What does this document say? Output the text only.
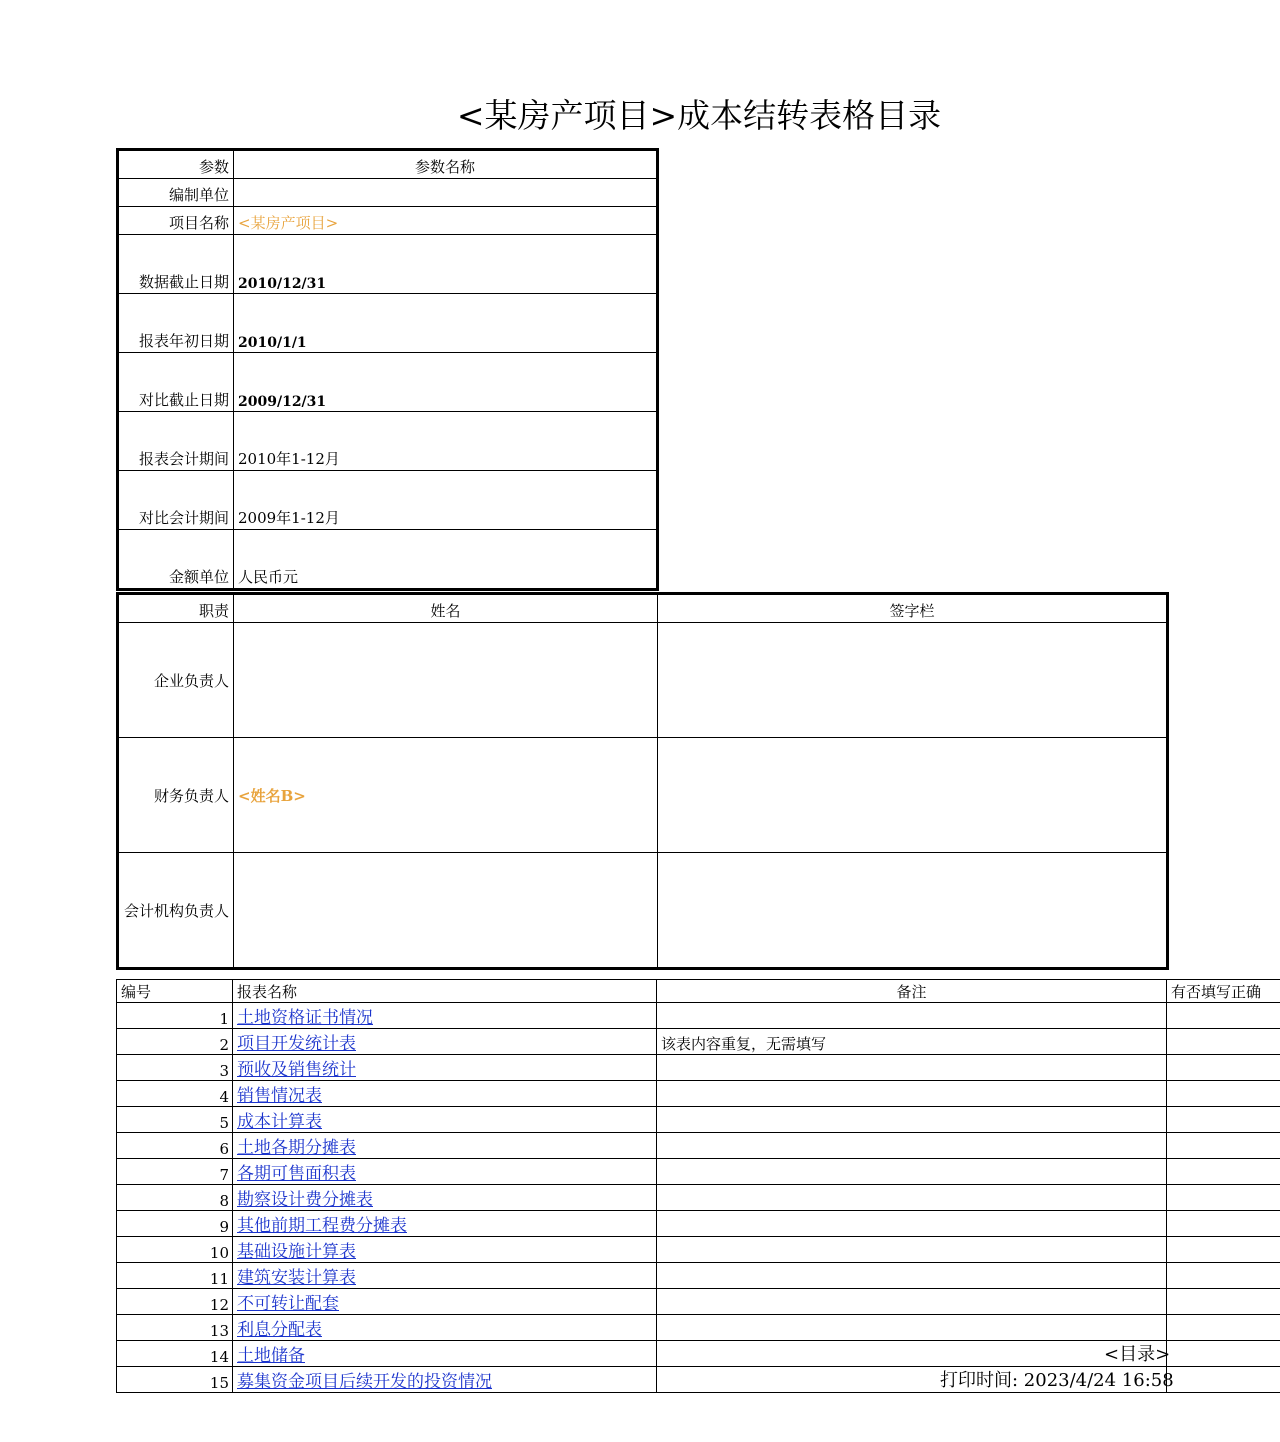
<某房产项目>成本结转表格目录
参数	参数名称
编制单位	
项目名称	<某房产项目>
数据截止日期	2010/12/31
报表年初日期	2010/1/1
对比截止日期	2009/12/31
报表会计期间	2010年1-12月
对比会计期间	2009年1-12月
金额单位	人民币元
职责	姓名	签字栏
企业负责人		
财务负责人	<姓名B>	
会计机构负责人		
编号	报表名称	备注	有否填写正确
1	土地资格证书情况		
2	项目开发统计表	该表内容重复，无需填写	
3	预收及销售统计		
4	销售情况表		
5	成本计算表		
6	土地各期分摊表		
7	各期可售面积表		
8	勘察设计费分摊表		
9	其他前期工程费分摊表		
10	基础设施计算表		
11	建筑安装计算表		
12	不可转让配套		
13	利息分配表		
14	土地储备		
15	募集资金项目后续开发的投资情况		
<目录>
打印时间: 2023/4/24 16:58
